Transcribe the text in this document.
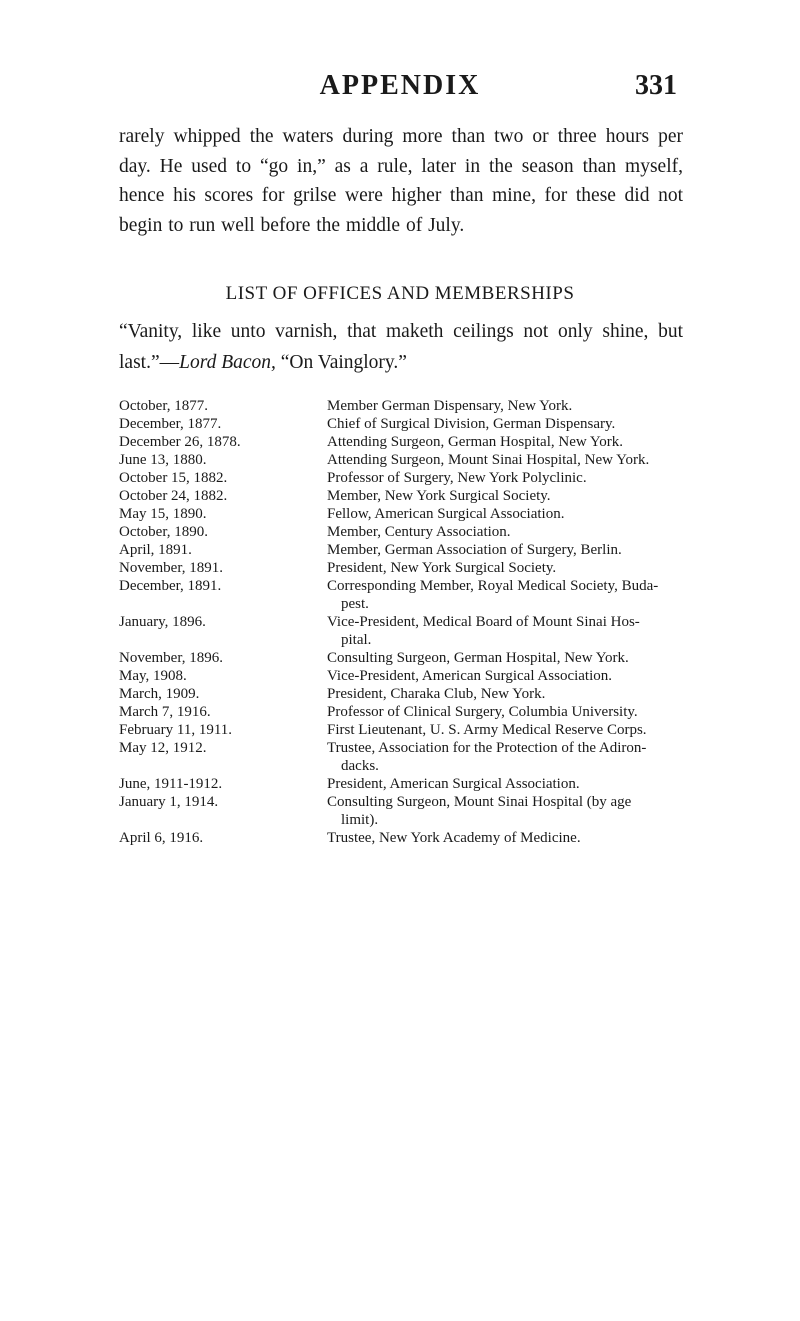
APPENDIX	331

rarely whipped the waters during more than two or three hours per day. He used to “go in,” as a rule, later in the season than myself, hence his scores for grilse were higher than mine, for these did not begin to run well before the middle of July.

LIST OF OFFICES AND MEMBERSHIPS

“Vanity, like unto varnish, that maketh ceilings not only shine, but last.”—Lord Bacon, “On Vainglory.”

October, 1877.	Member German Dispensary, New York.
December, 1877.	Chief of Surgical Division, German Dispensary.
December 26, 1878.	Attending Surgeon, German Hospital, New York.
June 13, 1880.	Attending Surgeon, Mount Sinai Hospital, New York.
October 15, 1882.	Professor of Surgery, New York Polyclinic.
October 24, 1882.	Member, New York Surgical Society.
May 15, 1890.	Fellow, American Surgical Association.
October, 1890.	Member, Century Association.
April, 1891.	Member, German Association of Surgery, Berlin.
November, 1891.	President, New York Surgical Society.
December, 1891.	Corresponding Member, Royal Medical Society, Buda-
pest.
January, 1896.	Vice-President, Medical Board of Mount Sinai Hos-
pital.
November, 1896.	Consulting Surgeon, German Hospital, New York.
May, 1908.	Vice-President, American Surgical Association.
March, 1909.	President, Charaka Club, New York.
March 7, 1916.	Professor of Clinical Surgery, Columbia University.
February 11, 1911.	First Lieutenant, U. S. Army Medical Reserve Corps.
May 12, 1912.	Trustee, Association for the Protection of the Adiron-
dacks.
June, 1911-1912.	President, American Surgical Association.
January 1, 1914.	Consulting Surgeon, Mount Sinai Hospital (by age
limit).
April 6, 1916.	Trustee, New York Academy of Medicine.
